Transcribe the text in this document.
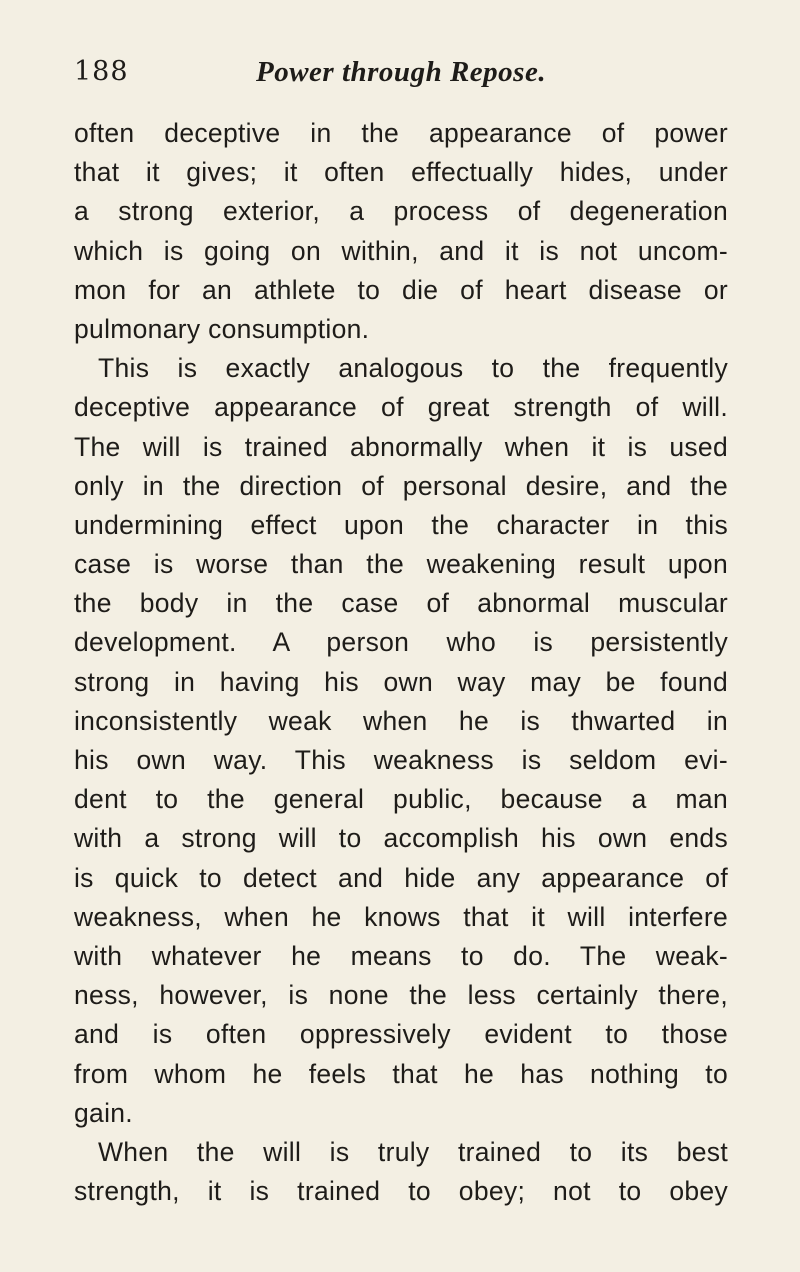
188	Power through Repose.
often deceptive in the appearance of power
that it gives; it often effectually hides, under
a strong exterior, a process of degeneration
which is going on within, and it is not uncom-
mon for an athlete to die of heart disease or
pulmonary consumption.
This is exactly analogous to the frequently
deceptive appearance of great strength of will.
The will is trained abnormally when it is used
only in the direction of personal desire, and the
undermining effect upon the character in this
case is worse than the weakening result upon
the body in the case of abnormal muscular
development. A person who is persistently
strong in having his own way may be found
inconsistently weak when he is thwarted in
his own way. This weakness is seldom evi-
dent to the general public, because a man
with a strong will to accomplish his own ends
is quick to detect and hide any appearance of
weakness, when he knows that it will interfere
with whatever he means to do. The weak-
ness, however, is none the less certainly there,
and is often oppressively evident to those
from whom he feels that he has nothing to
gain.
When the will is truly trained to its best
strength, it is trained to obey; not to obey
